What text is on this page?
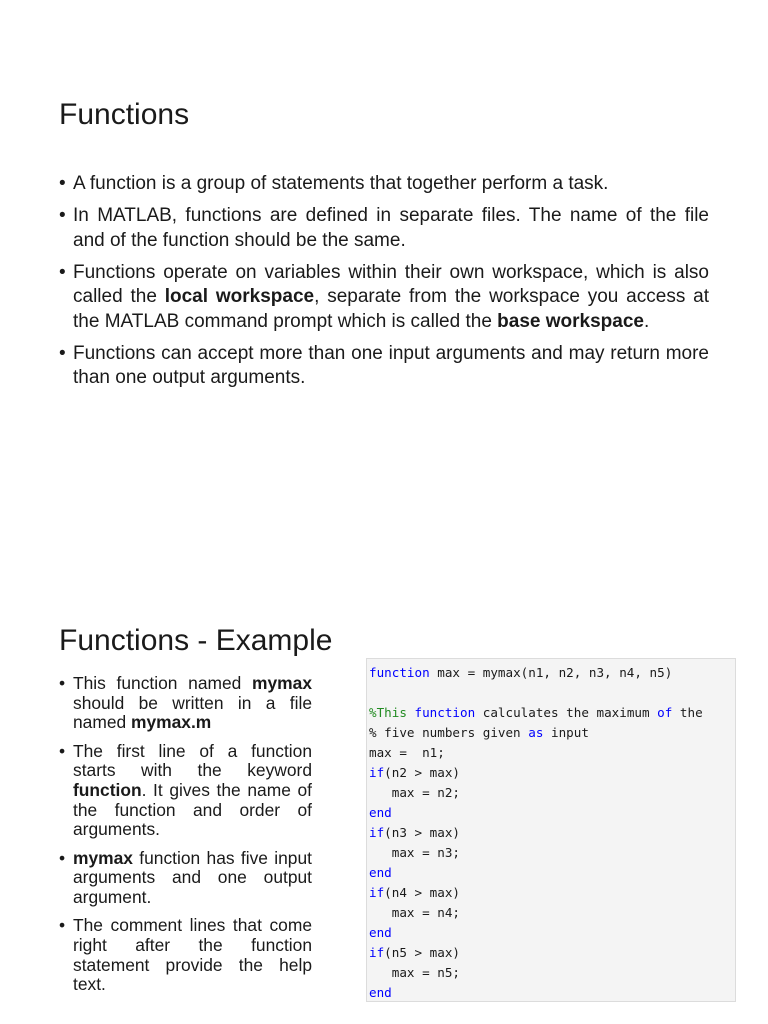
Functions
• A function is a group of statements that together perform a task.
• In MATLAB, functions are defined in separate files. The name of the file and of the function should be the same.
• Functions operate on variables within their own workspace, which is also called the local workspace, separate from the workspace you access at the MATLAB command prompt which is called the base workspace.
• Functions can accept more than one input arguments and may return more than one output arguments.
Functions - Example
• This function named mymax should be written in a file named mymax.m
• The first line of a function starts with the keyword function. It gives the name of the function and order of arguments.
• mymax function has five input arguments and one output argument.
• The comment lines that come right after the function statement provide the help text.
function max = mymax(n1, n2, n3, n4, n5)
%This function calculates the maximum of the
% five numbers given as input
max =  n1;
if(n2 > max)
max = n2;
end
if(n3 > max)
max = n3;
end
if(n4 > max)
max = n4;
end
if(n5 > max)
max = n5;
end
